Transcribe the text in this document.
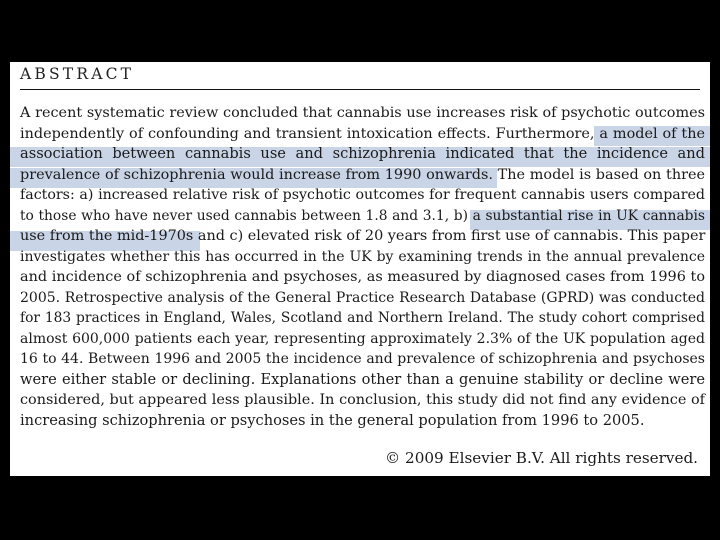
ABSTRACT
A recent systematic review concluded that cannabis use increases risk of psychotic outcomes
independently of confounding and transient intoxication effects. Furthermore, a model of the
association between cannabis use and schizophrenia indicated that the incidence and
prevalence of schizophrenia would increase from 1990 onwards. The model is based on three
factors: a) increased relative risk of psychotic outcomes for frequent cannabis users compared
to those who have never used cannabis between 1.8 and 3.1, b) a substantial rise in UK cannabis
use from the mid-1970s and c) elevated risk of 20 years from first use of cannabis. This paper
investigates whether this has occurred in the UK by examining trends in the annual prevalence
and incidence of schizophrenia and psychoses, as measured by diagnosed cases from 1996 to
2005. Retrospective analysis of the General Practice Research Database (GPRD) was conducted
for 183 practices in England, Wales, Scotland and Northern Ireland. The study cohort comprised
almost 600,000 patients each year, representing approximately 2.3% of the UK population aged
16 to 44. Between 1996 and 2005 the incidence and prevalence of schizophrenia and psychoses
were either stable or declining. Explanations other than a genuine stability or decline were
considered, but appeared less plausible. In conclusion, this study did not find any evidence of
increasing schizophrenia or psychoses in the general population from 1996 to 2005.
© 2009 Elsevier B.V. All rights reserved.
